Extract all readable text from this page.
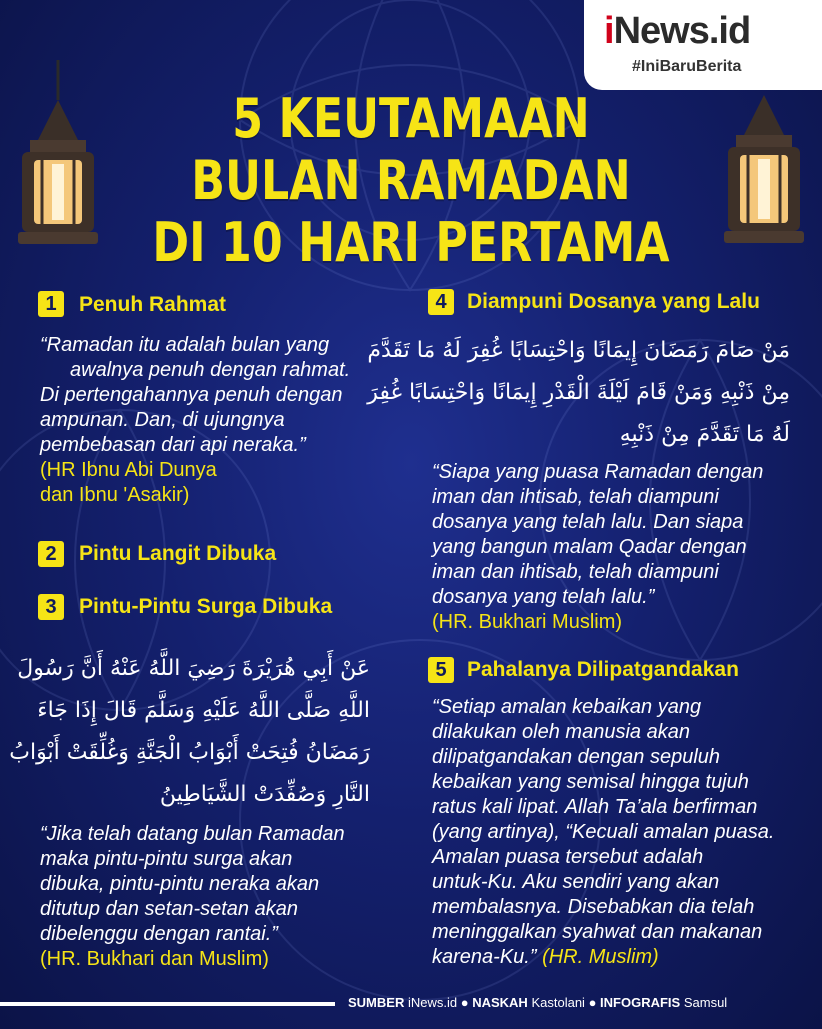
iNews.id
#IniBaruBerita
5 KEUTAMAAN
BULAN RAMADAN
DI 10 HARI PERTAMA
1	Penuh Rahmat
“Ramadan itu adalah bulan yang
awalnya penuh dengan rahmat.
Di pertengahannya penuh dengan
ampunan. Dan, di ujungnya
pembebasan dari api neraka.”
(HR Ibnu Abi Dunya
dan Ibnu 'Asakir)
2	Pintu Langit Dibuka
3	Pintu-Pintu Surga Dibuka
عَنْ أَبِي هُرَيْرَةَ رَضِيَ اللَّهُ عَنْهُ أَنَّ رَسُولَ
اللَّهِ صَلَّى اللَّهُ عَلَيْهِ وَسَلَّمَ قَالَ إِذَا جَاءَ
رَمَضَانُ فُتِحَتْ أَبْوَابُ الْجَنَّةِ وَغُلِّقَتْ أَبْوَابُ
النَّارِ وَصُفِّدَتْ الشَّيَاطِينُ
“Jika telah datang bulan Ramadan
maka pintu-pintu surga akan
dibuka, pintu-pintu neraka akan
ditutup dan setan-setan akan
dibelenggu dengan rantai.”
(HR. Bukhari dan Muslim)
4 Diampuni Dosanya yang Lalu
مَنْ صَامَ رَمَضَانَ إِيمَانًا وَاحْتِسَابًا غُفِرَ لَهُ مَا تَقَدَّمَ
مِنْ ذَنْبِهِ وَمَنْ قَامَ لَيْلَةَ الْقَدْرِ إِيمَانًا وَاحْتِسَابًا غُفِرَ
لَهُ مَا تَقَدَّمَ مِنْ ذَنْبِهِ
“Siapa yang puasa Ramadan dengan
iman dan ihtisab, telah diampuni
dosanya yang telah lalu. Dan siapa
yang bangun malam Qadar dengan
iman dan ihtisab, telah diampuni
dosanya yang telah lalu.”
(HR. Bukhari Muslim)
5 Pahalanya Dilipatgandakan
“Setiap amalan kebaikan yang
dilakukan oleh manusia akan
dilipatgandakan dengan sepuluh
kebaikan yang semisal hingga tujuh
ratus kali lipat. Allah Ta’ala berfirman
(yang artinya), “Kecuali amalan puasa.
Amalan puasa tersebut adalah
untuk-Ku. Aku sendiri yang akan
membalasnya. Disebabkan dia telah
meninggalkan syahwat dan makanan
karena-Ku.” (HR. Muslim)
SUMBER iNews.id ● NASKAH Kastolani ● INFOGRAFIS Samsul
